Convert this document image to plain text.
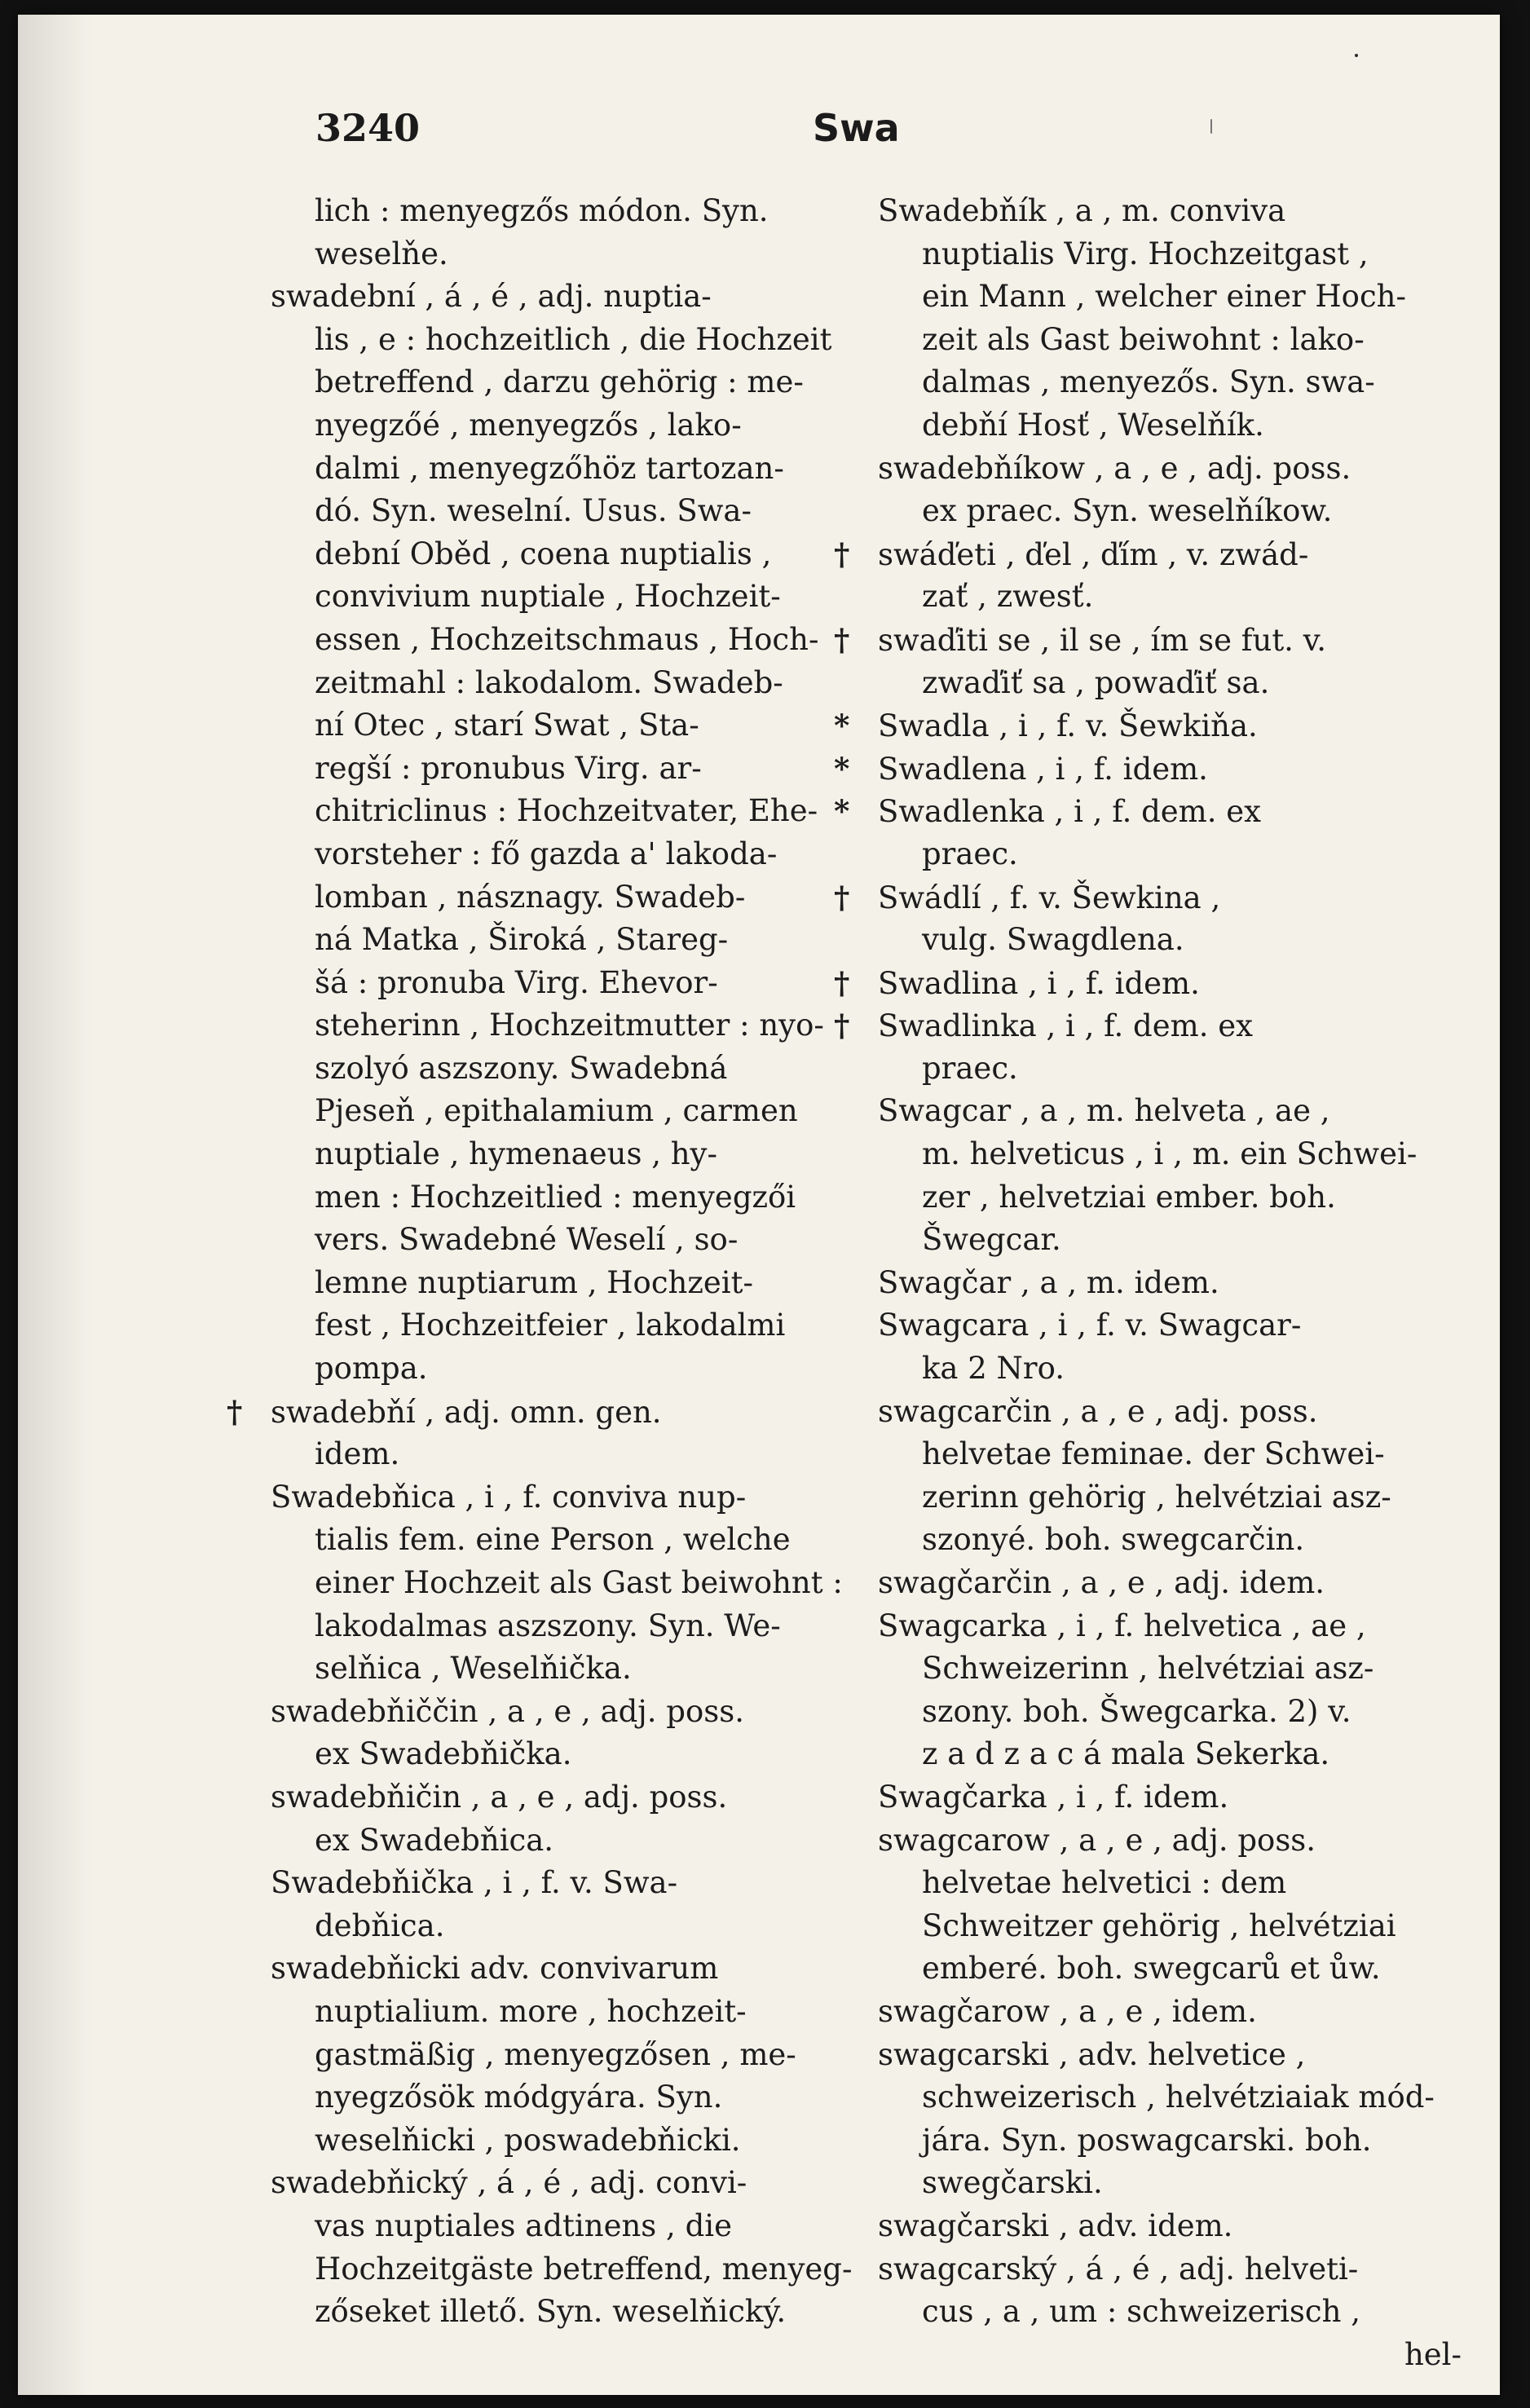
3240	Swa
lich : menyegzős módon. Syn.
weselňe.
swadební , á , é , adj. nuptia-
lis , e : hochzeitlich , die Hochzeit
betreffend , darzu gehörig : me-
nyegzőé , menyegzős , lako-
dalmi , menyegzőhöz tartozan-
dó. Syn. weselní. Usus. Swa-
dební Oběd , coena nuptialis ,
convivium nuptiale , Hochzeit-
essen , Hochzeitschmaus , Hoch-
zeitmahl : lakodalom. Swadeb-
ní Otec , starí Swat , Sta-
regší : pronubus Virg. ar-
chitriclinus : Hochzeitvater, Ehe-
vorsteher : fő gazda a' lakoda-
lomban , násznagy. Swadeb-
ná Matka , Široká , Stareg-
šá : pronuba Virg. Ehevor-
steherinn , Hochzeitmutter : nyo-
szolyó aszszony. Swadebná
Pjeseň , epithalamium , carmen
nuptiale , hymenaeus , hy-
men : Hochzeitlied : menyegzői
vers. Swadebné Weselí , so-
lemne nuptiarum , Hochzeit-
fest , Hochzeitfeier , lakodalmi
pompa.
† swadebňí , adj. omn. gen.
idem.
Swadebňica , i , f. conviva nup-
tialis fem. eine Person , welche
einer Hochzeit als Gast beiwohnt :
lakodalmas aszszony. Syn. We-
selňica , Weselňička.
swadebňiččin , a , e , adj. poss.
ex Swadebňička.
swadebňičin , a , e , adj. poss.
ex Swadebňica.
Swadebňička , i , f. v. Swa-
debňica.
swadebňicki adv. convivarum
nuptialium. more , hochzeit-
gastmäßig , menyegzősen , me-
nyegzősök módgyára. Syn.
weselňicki , poswadebňicki.
swadebňický , á , é , adj. convi-
vas nuptiales adtinens , die
Hochzeitgäste betreffend, menyeg-
zőseket illető. Syn. weselňický.
Swadebňík , a , m. conviva
nuptialis Virg. Hochzeitgast ,
ein Mann , welcher einer Hoch-
zeit als Gast beiwohnt : lako-
dalmas , menyezős. Syn. swa-
debňí Hosť , Weselňík.
swadebňíkow , a , e , adj. poss.
ex praec. Syn. weselňíkow.
† swáďeti , ďel , ďím , v. zwád-
zať , zwesť.
† swaďiti se , il se , ím se fut. v.
zwaďiť sa , powaďiť sa.
* Swadla , i , f. v. Šewkiňa.
* Swadlena , i , f. idem.
* Swadlenka , i , f. dem. ex
praec.
† Swádlí , f. v. Šewkina ,
vulg. Swagdlena.
† Swadlina , i , f. idem.
† Swadlinka , i , f. dem. ex
praec.
Swagcar , a , m. helveta , ae ,
m. helveticus , i , m. ein Schwei-
zer , helvetziai ember. boh.
Šwegcar.
Swagčar , a , m. idem.
Swagcara , i , f. v. Swagcar-
ka 2 Nro.
swagcarčin , a , e , adj. poss.
helvetae feminae. der Schwei-
zerinn gehörig , helvétziai asz-
szonyé. boh. swegcarčin.
swagčarčin , a , e , adj. idem.
Swagcarka , i , f. helvetica , ae ,
Schweizerinn , helvétziai asz-
szony. boh. Šwegcarka. 2) v.
z a d z a c á mala Sekerka.
Swagčarka , i , f. idem.
swagcarow , a , e , adj. poss.
helvetae helvetici : dem
Schweitzer gehörig , helvétziai
emberé. boh. swegcarů et ůw.
swagčarow , a , e , idem.
swagcarski , adv. helvetice ,
schweizerisch , helvétziaiak mód-
jára. Syn. poswagcarski. boh.
swegčarski.
swagčarski , adv. idem.
swagcarský , á , é , adj. helveti-
cus , a , um : schweizerisch ,
hel-
